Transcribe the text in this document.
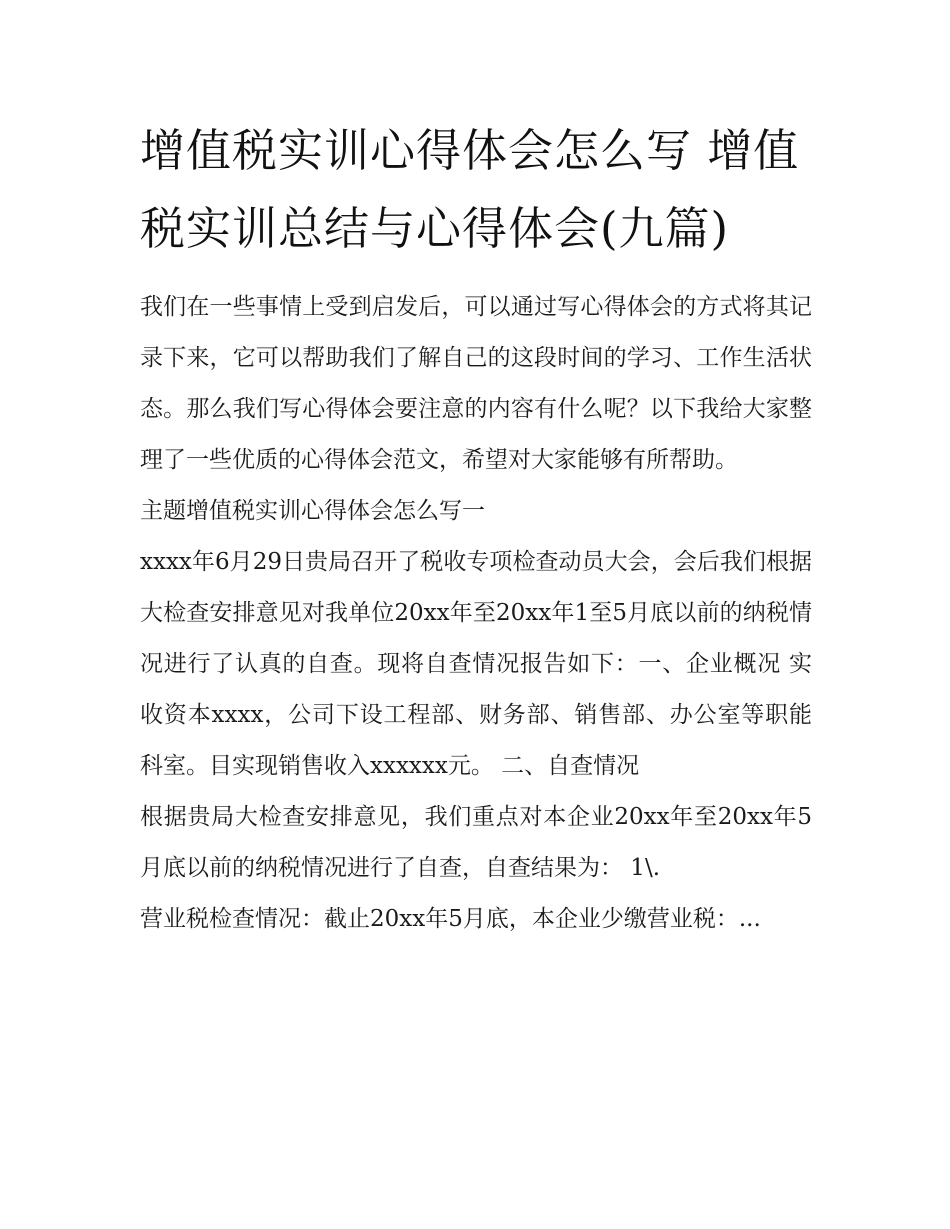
增值税实训心得体会怎么写 增值税实训总结与心得体会(九篇)

我们在一些事情上受到启发后，可以通过写心得体会的方式将其记录下来，它可以帮助我们了解自己的这段时间的学习、工作生活状态。那么我们写心得体会要注意的内容有什么呢？以下我给大家整理了一些优质的心得体会范文，希望对大家能够有所帮助。

主题增值税实训心得体会怎么写一

xxxx年6月29日贵局召开了税收专项检查动员大会，会后我们根据大检查安排意见对我单位20xx年至20xx年1至5月底以前的纳税情况进行了认真的自查。现将自查情况报告如下：一、企业概况 实收资本xxxx，公司下设工程部、财务部、销售部、办公室等职能科室。目实现销售收入xxxxxx元。 二、自查情况

根据贵局大检查安排意见，我们重点对本企业20xx年至20xx年5月底以前的纳税情况进行了自查，自查结果为： 1\.

营业税检查情况：截止20xx年5月底，本企业少缴营业税：...
